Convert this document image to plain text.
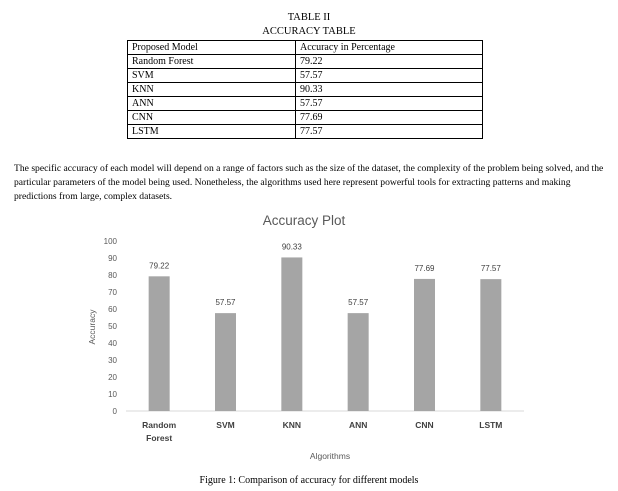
TABLE II
ACCURACY TABLE
Proposed Model	Accuracy in Percentage
Random Forest	79.22
SVM	57.57
KNN	90.33
ANN	57.57
CNN	77.69
LSTM	77.57

The specific accuracy of each model will depend on a range of factors such as the size of the dataset, the complexity of the problem being solved, and the particular parameters of the model being used. Nonetheless, the algorithms used here represent powerful tools for extracting patterns and making predictions from large, complex datasets.

Accuracy Plot
0
10
20
30
40
50
60
70
80
90
100
79.22
57.57
90.33
57.57
77.69	77.57
Random Forest
SVM	KNN	ANN	CNN	LSTM
Accuracy
Algorithms
Figure 1: Comparison of accuracy for different models
